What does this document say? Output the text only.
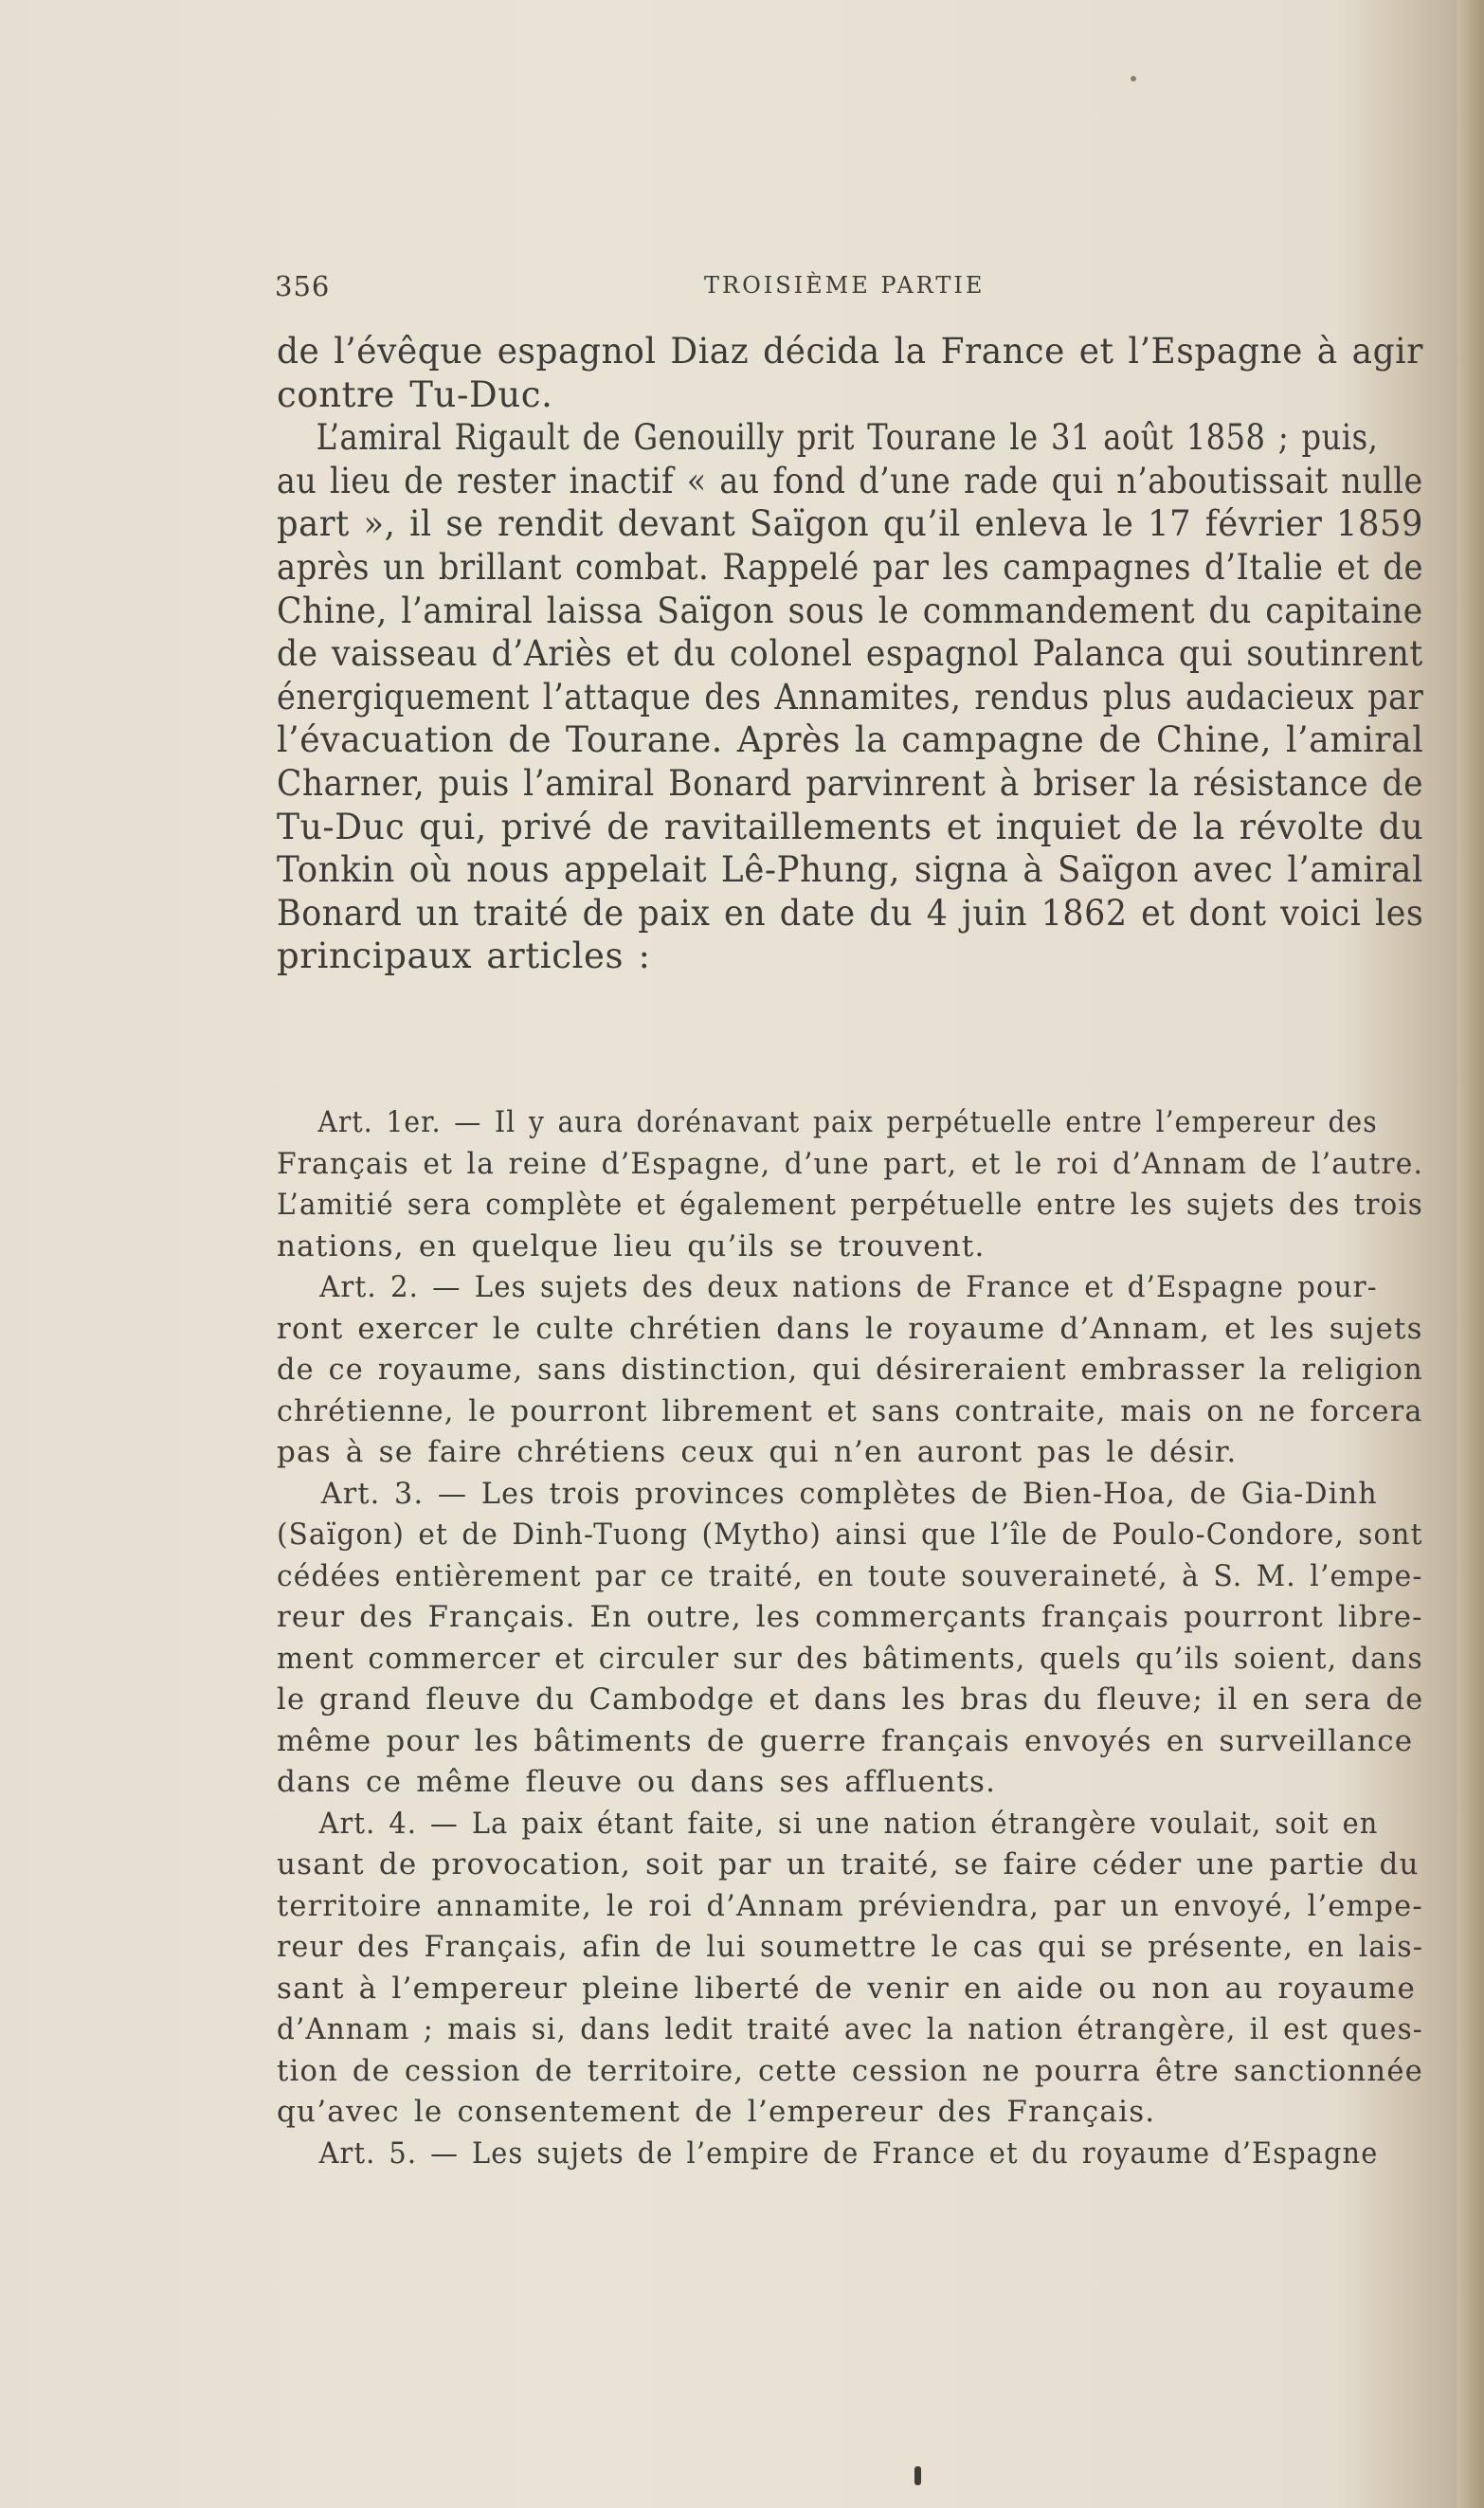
356	TROISIÈME PARTIE
de l’évêque espagnol Diaz décida la France et l’Espagne à agir
contre Tu-Duc.
L’amiral Rigault de Genouilly prit Tourane le 31 août 1858 ; puis,
au lieu de rester inactif « au fond d’une rade qui n’aboutissait nulle
part », il se rendit devant Saïgon qu’il enleva le 17 février 1859
après un brillant combat. Rappelé par les campagnes d’Italie et de
Chine, l’amiral laissa Saïgon sous le commandement du capitaine
de vaisseau d’Ariès et du colonel espagnol Palanca qui soutinrent
énergiquement l’attaque des Annamites, rendus plus audacieux par
l’évacuation de Tourane. Après la campagne de Chine, l’amiral
Charner, puis l’amiral Bonard parvinrent à briser la résistance de
Tu-Duc qui, privé de ravitaillements et inquiet de la révolte du
Tonkin où nous appelait Lê-Phung, signa à Saïgon avec l’amiral
Bonard un traité de paix en date du 4 juin 1862 et dont voici les
principaux articles :
Art. 1er. — Il y aura dorénavant paix perpétuelle entre l’empereur des
Français et la reine d’Espagne, d’une part, et le roi d’Annam de l’autre.
L’amitié sera complète et également perpétuelle entre les sujets des trois
nations, en quelque lieu qu’ils se trouvent.
Art. 2. — Les sujets des deux nations de France et d’Espagne pour-
ront exercer le culte chrétien dans le royaume d’Annam, et les sujets
de ce royaume, sans distinction, qui désireraient embrasser la religion
chrétienne, le pourront librement et sans contraite, mais on ne forcera
pas à se faire chrétiens ceux qui n’en auront pas le désir.
Art. 3. — Les trois provinces complètes de Bien-Hoa, de Gia-Dinh
(Saïgon) et de Dinh-Tuong (Mytho) ainsi que l’île de Poulo-Condore, sont
cédées entièrement par ce traité, en toute souveraineté, à S. M. l’empe-
reur des Français. En outre, les commerçants français pourront libre-
ment commercer et circuler sur des bâtiments, quels qu’ils soient, dans
le grand fleuve du Cambodge et dans les bras du fleuve; il en sera de
même pour les bâtiments de guerre français envoyés en surveillance
dans ce même fleuve ou dans ses affluents.
Art. 4. — La paix étant faite, si une nation étrangère voulait, soit en
usant de provocation, soit par un traité, se faire céder une partie du
territoire annamite, le roi d’Annam préviendra, par un envoyé, l’empe-
reur des Français, afin de lui soumettre le cas qui se présente, en lais-
sant à l’empereur pleine liberté de venir en aide ou non au royaume
d’Annam ; mais si, dans ledit traité avec la nation étrangère, il est ques-
tion de cession de territoire, cette cession ne pourra être sanctionnée
qu’avec le consentement de l’empereur des Français.
Art. 5. — Les sujets de l’empire de France et du royaume d’Espagne
